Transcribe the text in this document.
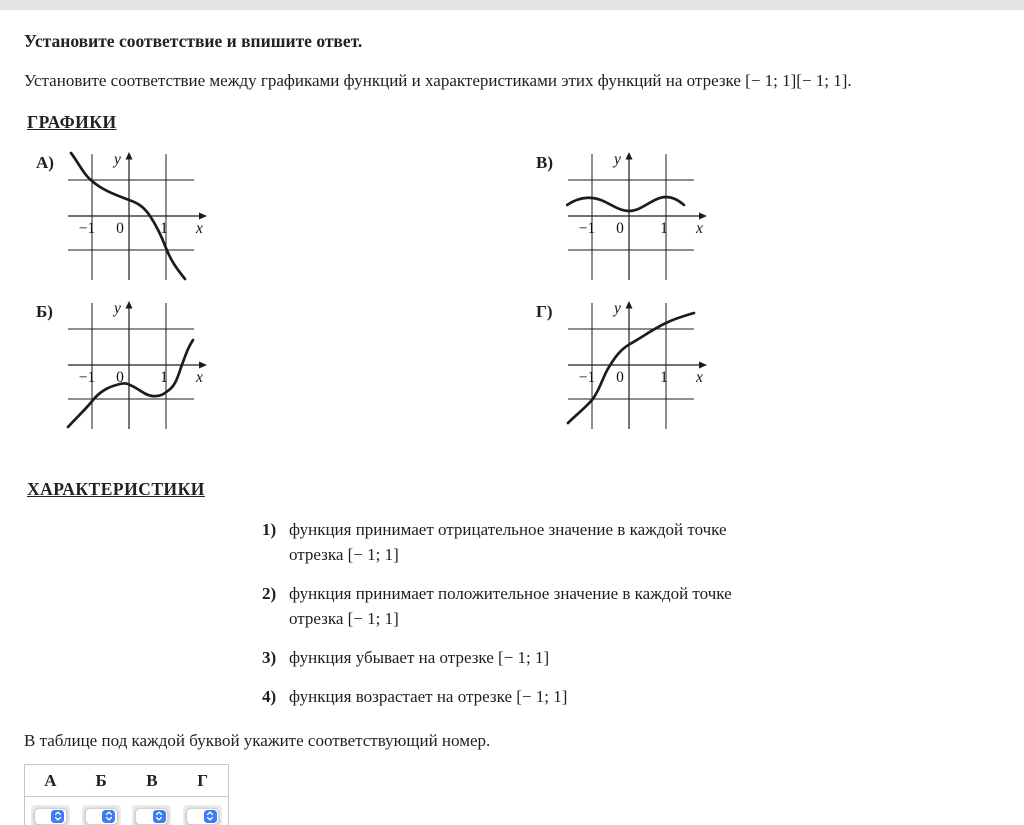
Установите соответствие и впишите ответ.

Установите соответствие между графиками функций и характеристиками этих функций на отрезке [− 1; 1][− 1; 1].

ГРАФИКИ
А)
−1 0 1 x
y	В)
−1 0 1 x
y
Б)
−1 0 1 x
y	Г)
−1 0 1 x
y
ХАРАКТЕРИСТИКИ
1) функция принимает отрицательное значение в каждой точке отрезка [− 1; 1]
2) функция принимает положительное значение в каждой точке отрезка [− 1; 1]
3) функция убывает на отрезке [− 1; 1]
4) функция возрастает на отрезке [− 1; 1]

В таблице под каждой буквой укажите соответствующий номер.

А Б В Г
